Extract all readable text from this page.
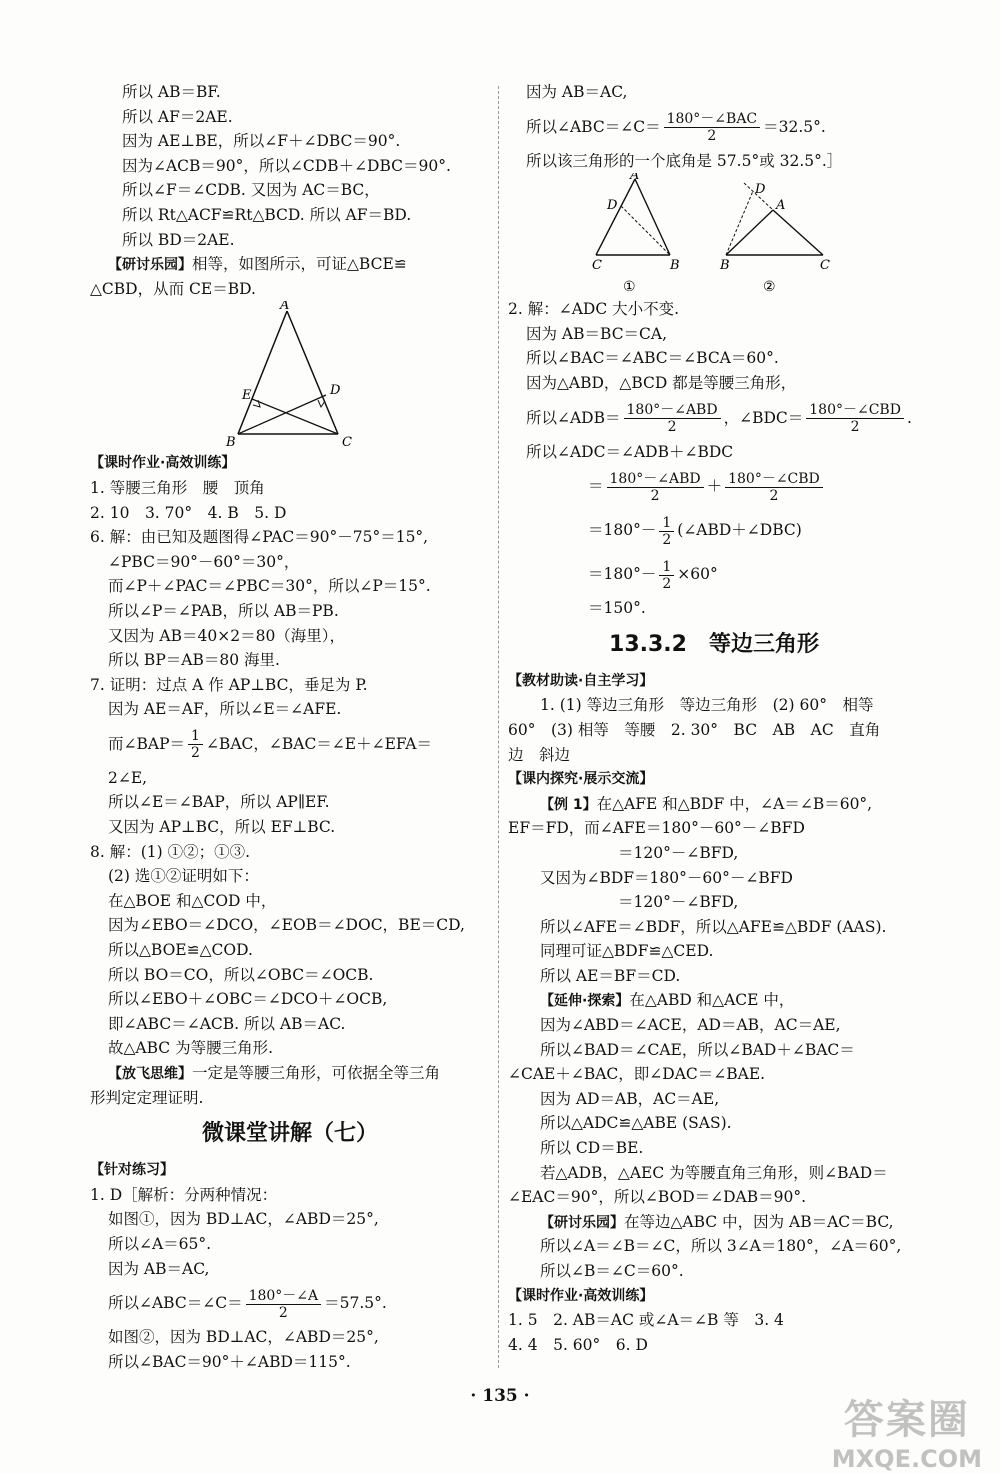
所以 AB＝BF.
所以 AF＝2AE.
因为 AE⊥BE，所以∠F＋∠DBC＝90°.
因为∠ACB＝90°，所以∠CDB＋∠DBC＝90°.
所以∠F＝∠CDB. 又因为 AC＝BC，
所以 Rt△ACF≌Rt△BCD. 所以 AF＝BD.
所以 BD＝2AE.
【研讨乐园】相等，如图所示，可证△BCE≌
△CBD，从而 CE＝BD.
A
E	D
B	C
【课时作业·高效训练】
1. 等腰三角形　腰　顶角
2. 10　3. 70°　4. B　5. D
6. 解：由已知及题图得∠PAC＝90°－75°＝15°,
∠PBC＝90°－60°＝30°，
而∠P＋∠PAC＝∠PBC＝30°，所以∠P＝15°.
所以∠P＝∠PAB，所以 AB＝PB.
又因为 AB＝40×2＝80（海里），
所以 BP＝AB＝80 海里.
7. 证明：过点 A 作 AP⊥BC，垂足为 P.
因为 AE＝AF，所以∠E＝∠AFE.
而∠BAP＝ $\frac{1}{2}$ ∠BAC，∠BAC＝∠E＋∠EFA＝
2∠E,
所以∠E＝∠BAP，所以 AP∥EF.
又因为 AP⊥BC，所以 EF⊥BC.
8. 解：(1) ①②；①③.
(2) 选①②证明如下：
在△BOE 和△COD 中，
因为∠EBO＝∠DCO，∠EOB＝∠DOC，BE＝CD,
所以△BOE≌△COD.
所以 BO＝CO，所以∠OBC＝∠OCB.
所以∠EBO＋∠OBC＝∠DCO＋∠OCB,
即∠ABC＝∠ACB. 所以 AB＝AC.
故△ABC 为等腰三角形.
【放飞思维】一定是等腰三角形，可依据全等三角
形判定定理证明.
微课堂讲解（七）
【针对练习】
1. D［解析：分两种情况：
如图①，因为 BD⊥AC，∠ABD＝25°,
所以∠A＝65°.
因为 AB＝AC,
所以∠ABC＝∠C＝ $\frac{180^\circ-\angle A}{2} =57.5^\circ$.
如图②，因为 BD⊥AC，∠ABD＝25°,
所以∠BAC＝90°＋∠ABD＝115°.
因为 AB＝AC,
所以∠ABC＝∠C＝ $\frac{\text{180°－∠BAC}}{2} =32.5^\circ$.
所以该三角形的一个底角是 57.5°或 32.5°.］
A
D
C	B
①
D
A
B	C
②
2. 解：∠ADC 大小不变.
因为 AB＝BC＝CA,
所以∠BAC＝∠ABC＝∠BCA＝60°.
因为△ABD，△BCD 都是等腰三角形，
所以∠ADB＝ $\frac{\text{180°－∠ABD}}{2}$ ，∠BDC＝ $\frac{\text{180°－∠CBD}}{2}$ .
所以∠ADC＝∠ADB＋∠BDC
＝ $\frac{\text{180°－∠ABD}}{2} + \frac{\text{180°－∠CBD}}{2}$
$=180^\circ- \frac{1}{2}$ (∠ABD＋∠DBC)
$=180^\circ- \frac{1}{2} \times 60^\circ$
＝150°.
13.3.2　等边三角形
【教材助读·自主学习】
1. (1) 等边三角形　等边三角形　(2) 60°　相等
60°　(3) 相等　等腰　2. 30°　BC　AB　AC　直角
边　斜边
【课内探究·展示交流】
【例 1】在△AFE 和△BDF 中，∠A＝∠B＝60°,
EF＝FD，而∠AFE＝180°－60°－∠BFD
＝120°－∠BFD,
又因为∠BDF＝180°－60°－∠BFD
＝120°－∠BFD,
所以∠AFE＝∠BDF，所以△AFE≌△BDF (AAS).
同理可证△BDF≌△CED.
所以 AE＝BF＝CD.
【延伸·探索】在△ABD 和△ACE 中，
因为∠ABD＝∠ACE，AD＝AB，AC＝AE,
所以∠BAD＝∠CAE，所以∠BAD＋∠BAC＝
∠CAE＋∠BAC，即∠DAC＝∠BAE.
因为 AD＝AB，AC＝AE,
所以△ADC≌△ABE (SAS).
所以 CD＝BE.
若△ADB，△AEC 为等腰直角三角形，则∠BAD＝
∠EAC＝90°，所以∠BOD＝∠DAB＝90°.
【研讨乐园】在等边△ABC 中，因为 AB＝AC＝BC,
所以∠A＝∠B＝∠C，所以 3∠A＝180°，∠A＝60°,
所以∠B＝∠C＝60°.
【课时作业·高效训练】
1. 5　2. AB＝AC 或∠A＝∠B 等　3. 4
4. 4　5. 60°　6. D
· 135 ·
答案圈
MXQE.COM
